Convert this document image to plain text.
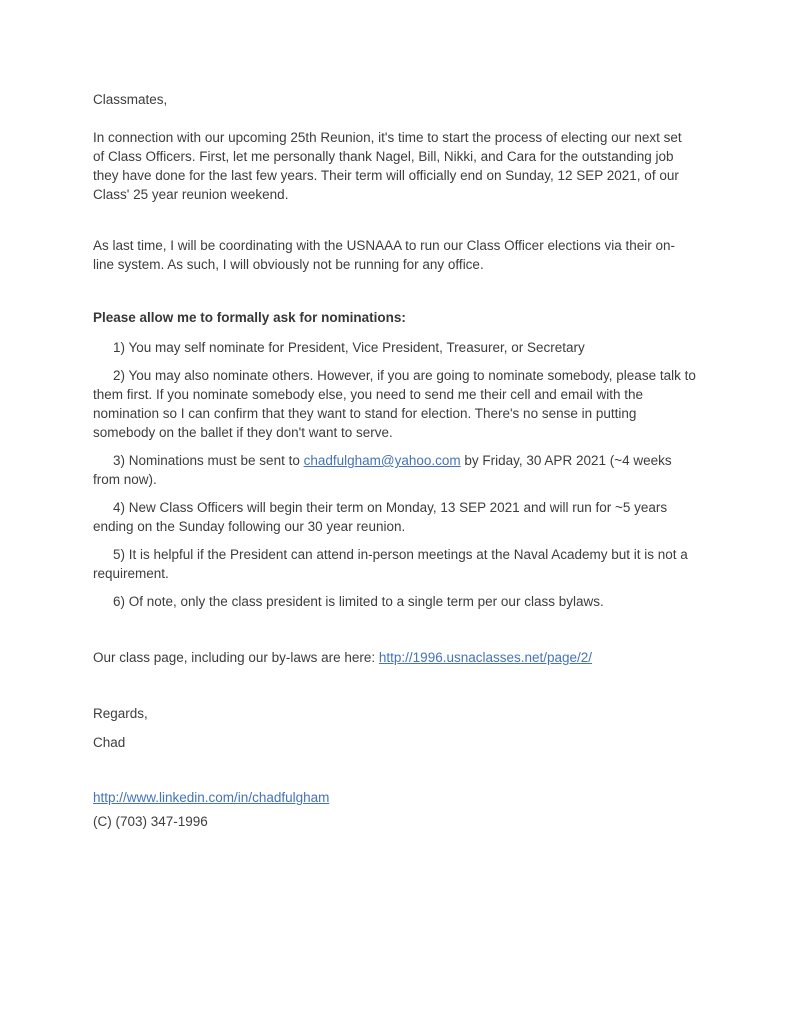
Classmates,

In connection with our upcoming 25th Reunion, it's time to start the process of electing our next set of Class Officers. First, let me personally thank Nagel, Bill, Nikki, and Cara for the outstanding job they have done for the last few years. Their term will officially end on Sunday, 12 SEP 2021, of our Class' 25 year reunion weekend.

As last time, I will be coordinating with the USNAAA to run our Class Officer elections via their on-line system. As such, I will obviously not be running for any office.

Please allow me to formally ask for nominations:

1) You may self nominate for President, Vice President, Treasurer, or Secretary

2) You may also nominate others. However, if you are going to nominate somebody, please talk to them first. If you nominate somebody else, you need to send me their cell and email with the nomination so I can confirm that they want to stand for election. There's no sense in putting somebody on the ballet if they don't want to serve.

3) Nominations must be sent to chadfulgham@yahoo.com by Friday, 30 APR 2021 (~4 weeks from now).

4) New Class Officers will begin their term on Monday, 13 SEP 2021 and will run for ~5 years ending on the Sunday following our 30 year reunion.

5) It is helpful if the President can attend in-person meetings at the Naval Academy but it is not a requirement.

6) Of note, only the class president is limited to a single term per our class bylaws.

Our class page, including our by-laws are here: http://1996.usnaclasses.net/page/2/

Regards,

Chad

http://www.linkedin.com/in/chadfulgham

(C) (703) 347-1996
